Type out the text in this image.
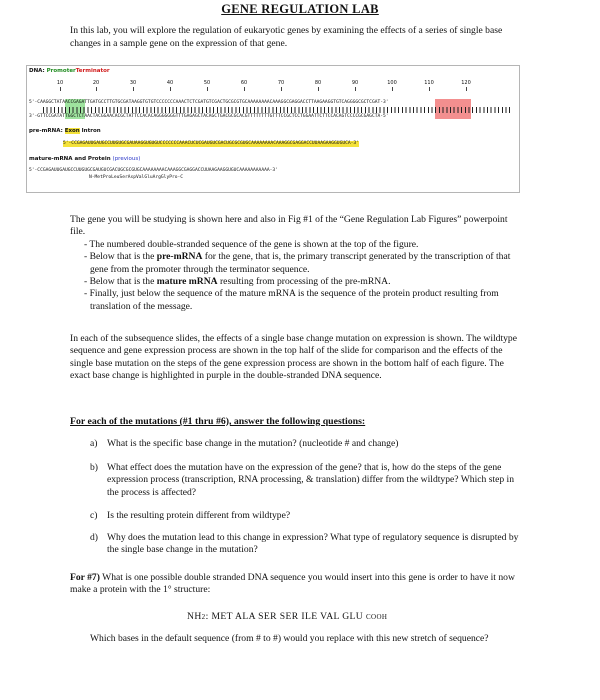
GENE REGULATION LAB
In this lab, you will explore the regulation of eukaryotic genes by examining the effects of a series of single base changes in a sample gene on the expression of that gene.
DNA: PromoterTerminator
10	20	30	40	50	60	70	80	90	100	110	120
5'-CAAGGCTATAACCGAGATTGATGCCTTGTGCGATAAGGTGTGTCCCCCCCAAACTCTCGATGTCGACTGCGCGTGCAAAAAAAACAAAGGCGAGGACCTTAAGAAGGTGTCAGGGGCGCTCGAT-3'
3'-GTTCCGATATTGGCTCTAACTACGGAACACGCTATTCCACACAGGGGGGGTTTGAGAGCTACAGCTGACGCGCACGTTTTTTTTGTTTCCGCTCCTGGAATTCTTCCACAGTCCCCGCGAGCTA-5'
pre-mRNA: Exon Intron
5'-CCGAGAUUGAUGCCUUGUGCGAUAAGGUGUGUCCCCCCCAAACUCUCGAUGUCGACUGCGCGUGCAAAAAAAACAAAGGCGAGGACCUUAAGAAGGUGUCA-3'
mature-mRNA and Protein (previous)
5'-CCGAGAUUGAUGCCUUGUGCGAUGUCGACUGCGCGUGCAAAAAAAACAAAGGCGAGGACCUUAAGAAGGUGUCAAAAAAAAAAA-3'
N-MetProLeuSerAspValGluArgGlyPro-C

The gene you will be studying is shown here and also in Fig #1 of the “Gene Regulation Lab Figures” powerpoint file.

- The numbered double-stranded sequence of the gene is shown at the top of the figure.

- Below that is the pre-mRNA for the gene, that is, the primary transcript generated by the transcription of that gene from the promoter through the terminator sequence.

- Below that is the mature mRNA resulting from processing of the pre-mRNA.

- Finally, just below the sequence of the mature mRNA is the sequence of the protein product resulting from translation of the message.

In each of the subsequence slides, the effects of a single base change mutation on expression is shown. The wildtype sequence and gene expression process are shown in the top half of the slide for comparison and the effects of the single base mutation on the steps of the gene expression process are shown in the bottom half of each figure. The exact base change is highlighted in purple in the double-stranded DNA sequence.
For each of the mutations (#1 thru #6), answer the following questions:
a) What is the specific base change in the mutation? (nucleotide # and change)
b) What effect does the mutation have on the expression of the gene? that is, how do the steps of the gene expression process (transcription, RNA processing, & translation) differ from the wildtype? Which step in the process is affected?
c) Is the resulting protein different from wildtype?
d) Why does the mutation lead to this change in expression? What type of regulatory sequence is disrupted by the single base change in the mutation?
For #7) What is one possible double stranded DNA sequence you would insert into this gene is order to have it now make a protein with the 1° structure:
NH2: MET ALA SER SER ILE VAL GLU COOH
Which bases in the default sequence (from # to #) would you replace with this new stretch of sequence?
